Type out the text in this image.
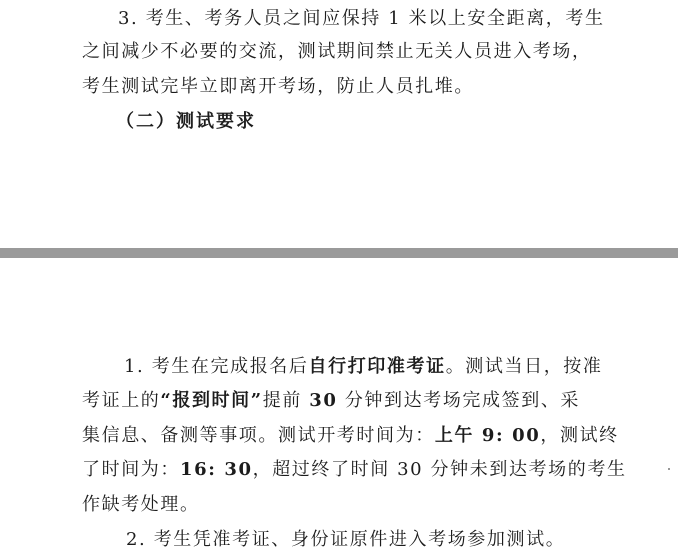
3. 考生、考务人员之间应保持 1 米以上安全距离，考生
之间减少不必要的交流，测试期间禁止无关人员进入考场，
考生测试完毕立即离开考场，防止人员扎堆。
（二）测试要求
1. 考生在完成报名后自行打印准考证。测试当日，按准
考证上的“报到时间”提前 30 分钟到达考场完成签到、采
集信息、备测等事项。测试开考时间为：上午 9: 00，测试终
了时间为：16: 30，超过终了时间 30 分钟未到达考场的考生
作缺考处理。
2. 考生凭准考证、身份证原件进入考场参加测试。
